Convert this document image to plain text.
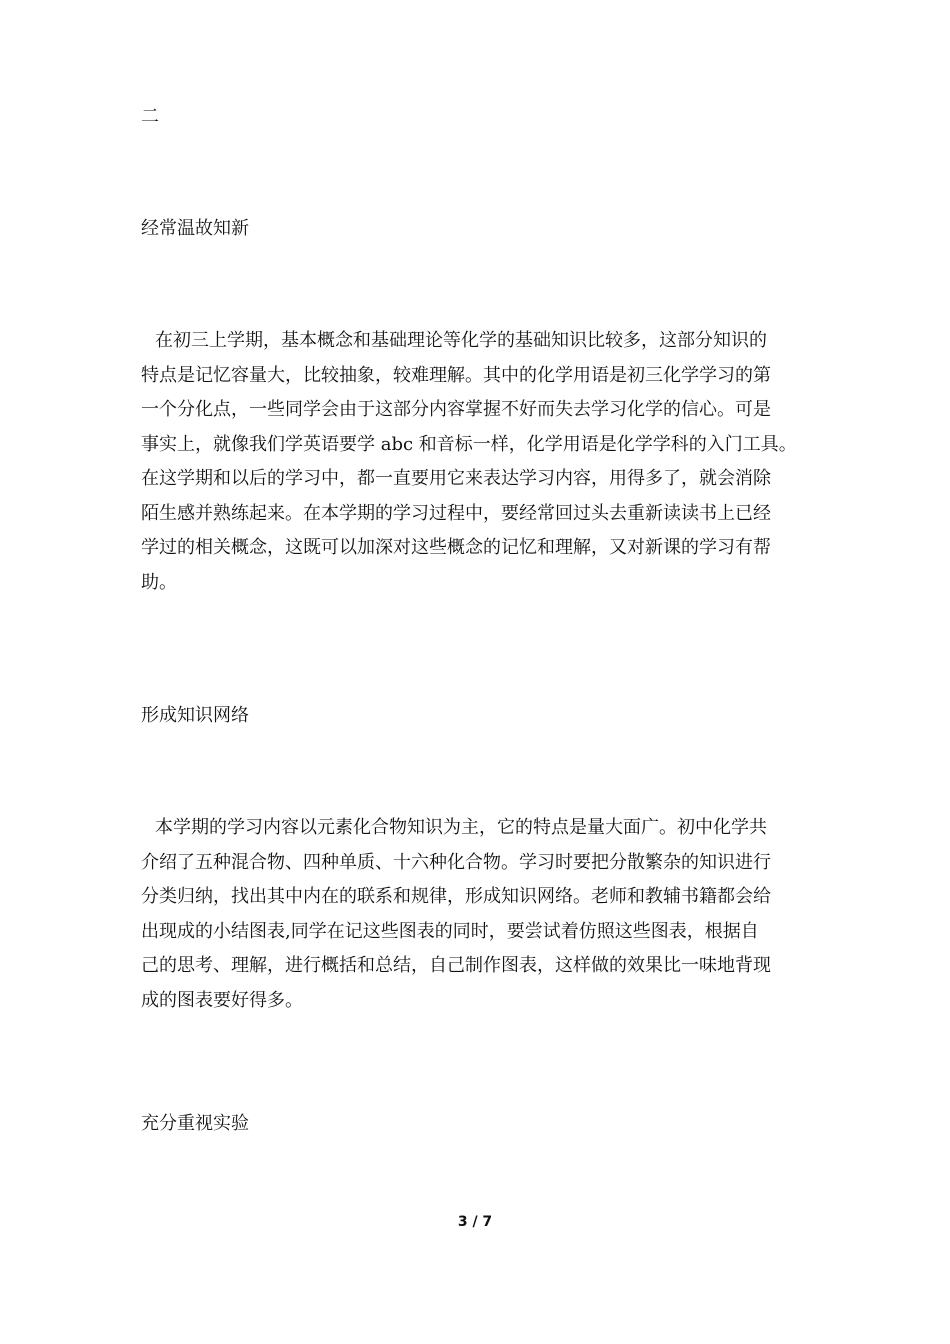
二

经常温故知新

在初三上学期，基本概念和基础理论等化学的基础知识比较多，这部分知识的
特点是记忆容量大，比较抽象，较难理解。其中的化学用语是初三化学学习的第
一个分化点，一些同学会由于这部分内容掌握不好而失去学习化学的信心。可是
事实上，就像我们学英语要学 abc 和音标一样，化学用语是化学学科的入门工具。
在这学期和以后的学习中，都一直要用它来表达学习内容，用得多了，就会消除
陌生感并熟练起来。在本学期的学习过程中，要经常回过头去重新读读书上已经
学过的相关概念，这既可以加深对这些概念的记忆和理解，又对新课的学习有帮
助。

形成知识网络

本学期的学习内容以元素化合物知识为主，它的特点是量大面广。初中化学共
介绍了五种混合物、四种单质、十六种化合物。学习时要把分散繁杂的知识进行
分类归纳，找出其中内在的联系和规律，形成知识网络。老师和教辅书籍都会给
出现成的小结图表,同学在记这些图表的同时，要尝试着仿照这些图表，根据自
己的思考、理解，进行概括和总结，自己制作图表，这样做的效果比一味地背现
成的图表要好得多。

充分重视实验

3 / 7
